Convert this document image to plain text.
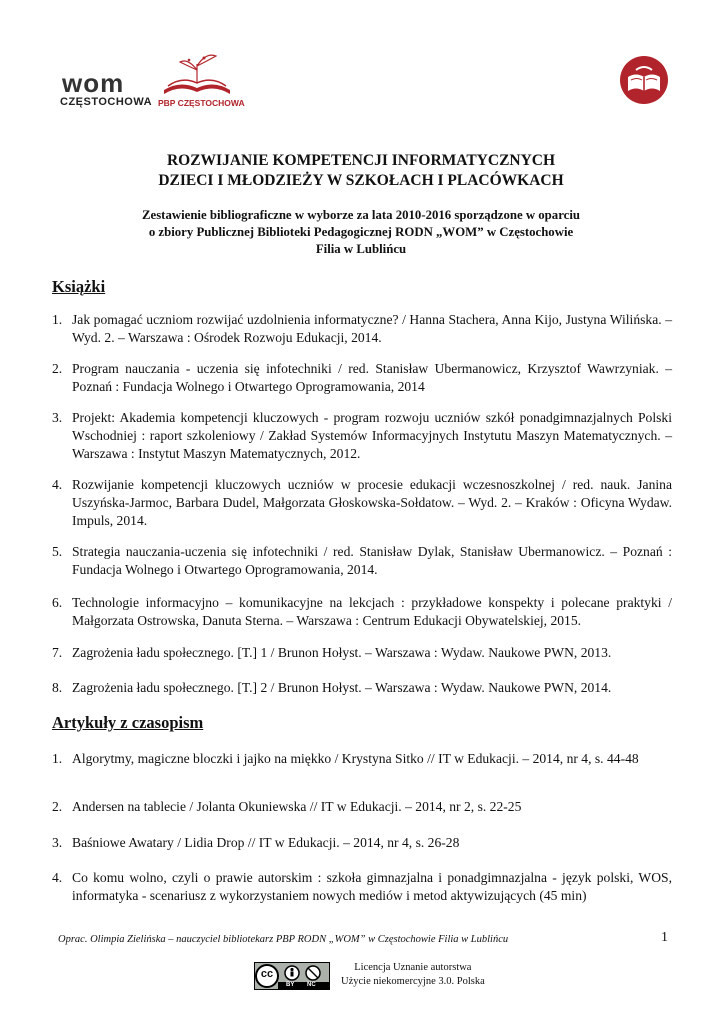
wom
CZĘSTOCHOWA PBP CZĘSTOCHOWA
ROZWIJANIE KOMPETENCJI INFORMATYCZNYCH
DZIECI I MŁODZIEŻY W SZKOŁACH I PLACÓWKACH
Zestawienie bibliograficzne w wyborze za lata 2010-2016 sporządzone w oparciu
o zbiory Publicznej Biblioteki Pedagogicznej RODN „WOM” w Częstochowie
Filia w Lublińcu
Książki
1. Jak pomagać uczniom rozwijać uzdolnienia informatyczne? / Hanna Stachera, Anna Kijo, Justyna Wilińska. – Wyd. 2. – Warszawa : Ośrodek Rozwoju Edukacji, 2014.
2. Program nauczania - uczenia się infotechniki / red. Stanisław Ubermanowicz, Krzysztof Wawrzyniak. – Poznań : Fundacja Wolnego i Otwartego Oprogramowania, 2014
3. Projekt: Akademia kompetencji kluczowych - program rozwoju uczniów szkół ponadgimnazjalnych Polski Wschodniej : raport szkoleniowy / Zakład Systemów Informacyjnych Instytutu Maszyn Matematycznych. – Warszawa : Instytut Maszyn Matematycznych, 2012.
4. Rozwijanie kompetencji kluczowych uczniów w procesie edukacji wczesnoszkolnej / red. nauk. Janina Uszyńska-Jarmoc, Barbara Dudel, Małgorzata Głoskowska-Sołdatow. – Wyd. 2. – Kraków : Oficyna Wydaw. Impuls, 2014.
5. Strategia nauczania-uczenia się infotechniki / red. Stanisław Dylak, Stanisław Ubermanowicz. – Poznań : Fundacja Wolnego i Otwartego Oprogramowania, 2014.
6. Technologie informacyjno – komunikacyjne na lekcjach : przykładowe konspekty i polecane praktyki / Małgorzata Ostrowska, Danuta Sterna. – Warszawa : Centrum Edukacji Obywatelskiej, 2015.
7. Zagrożenia ładu społecznego. [T.] 1 / Brunon Hołyst. – Warszawa : Wydaw. Naukowe PWN, 2013.
8. Zagrożenia ładu społecznego. [T.] 2 / Brunon Hołyst. – Warszawa : Wydaw. Naukowe PWN, 2014.
Artykuły z czasopism
1. Algorytmy, magiczne bloczki i jajko na miękko / Krystyna Sitko // IT w Edukacji. – 2014, nr 4, s. 44-48
2. Andersen na tablecie / Jolanta Okuniewska // IT w Edukacji. – 2014, nr 2, s. 22-25
3. Baśniowe Awatary / Lidia Drop // IT w Edukacji. – 2014, nr 4, s. 26-28
4. Co komu wolno, czyli o prawie autorskim : szkoła gimnazjalna i ponadgimnazjalna - język polski, WOS, informatyka - scenariusz z wykorzystaniem nowych mediów i metod aktywizujących (45 min)
Oprac. Olimpia Zielińska – nauczyciel bibliotekarz PBP RODN „WOM” w Częstochowie Filia w Lublińcu	1
cc
BY NC
Licencja Uznanie autorstwa
Użycie niekomercyjne 3.0. Polska
